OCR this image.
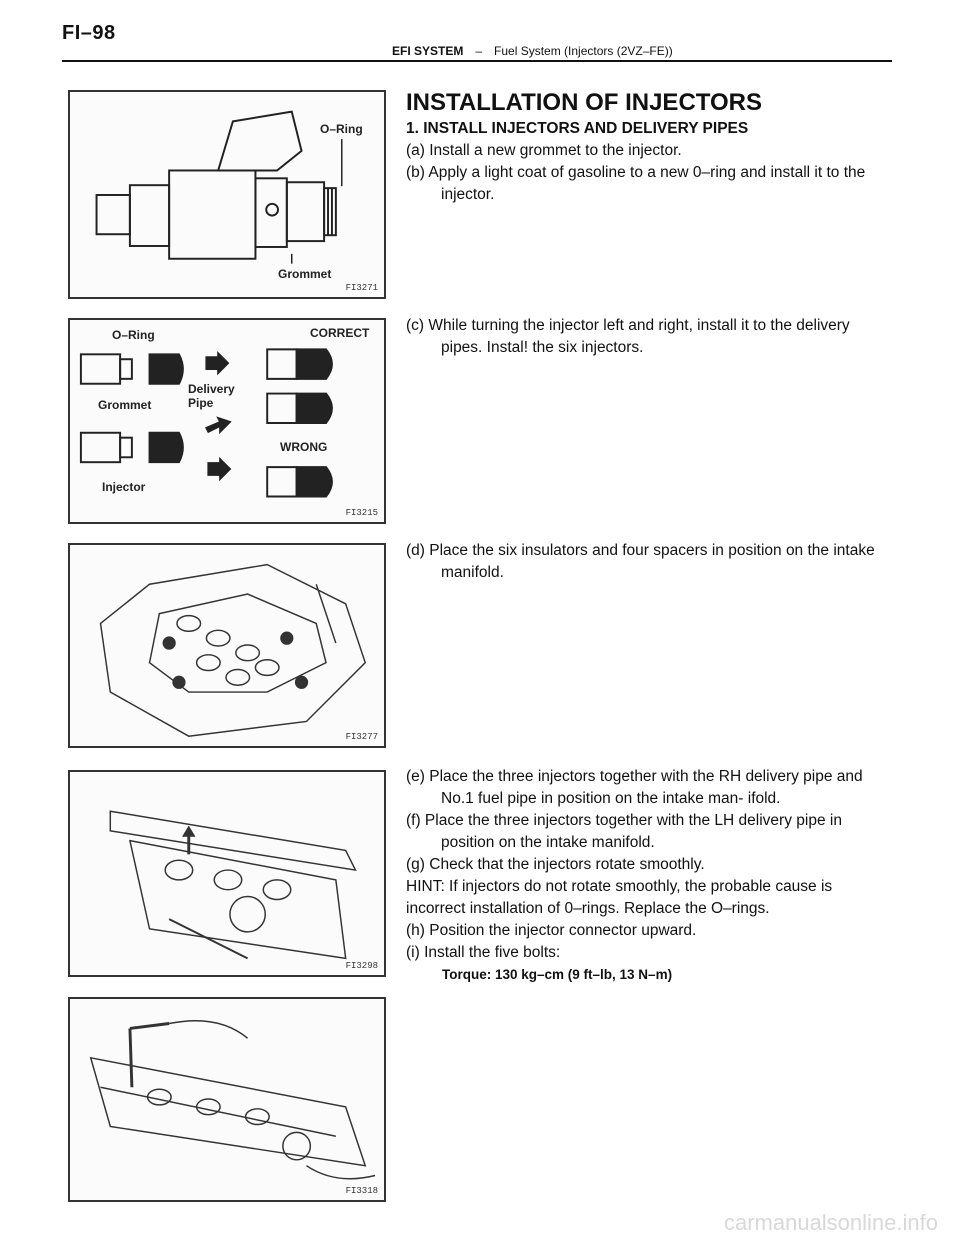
FI–98
EFI SYSTEM – Fuel System (Injectors (2VZ–FE))
O–Ring
Grommet
FI3271
O–Ring
Grommet
Delivery
Pipe
Injector
CORRECT
WRONG
FI3215
FI3277
FI3298
FI3318

INSTALLATION OF INJECTORS

1. INSTALL INJECTORS AND DELIVERY PIPES

(a) Install a new grommet to the injector.

(b) Apply a light coat of gasoline to a new 0–ring and install it to the injector.

(c) While turning the injector left and right, install it to the delivery pipes. Instal! the six injectors.

(d) Place the six insulators and four spacers in position on the intake manifold.

(e) Place the three injectors together with the RH delivery pipe and No.1 fuel pipe in position on the intake man- ifold.

(f) Place the three injectors together with the LH delivery pipe in position on the intake manifold.

(g) Check that the injectors rotate smoothly.

HINT: If injectors do not rotate smoothly, the probable cause is incorrect installation of 0–rings. Replace the O–rings.

(h) Position the injector connector upward.

(i) Install the five bolts:

Torque: 130 kg–cm (9 ft–lb, 13 N–m)

carmanualsonline.info
